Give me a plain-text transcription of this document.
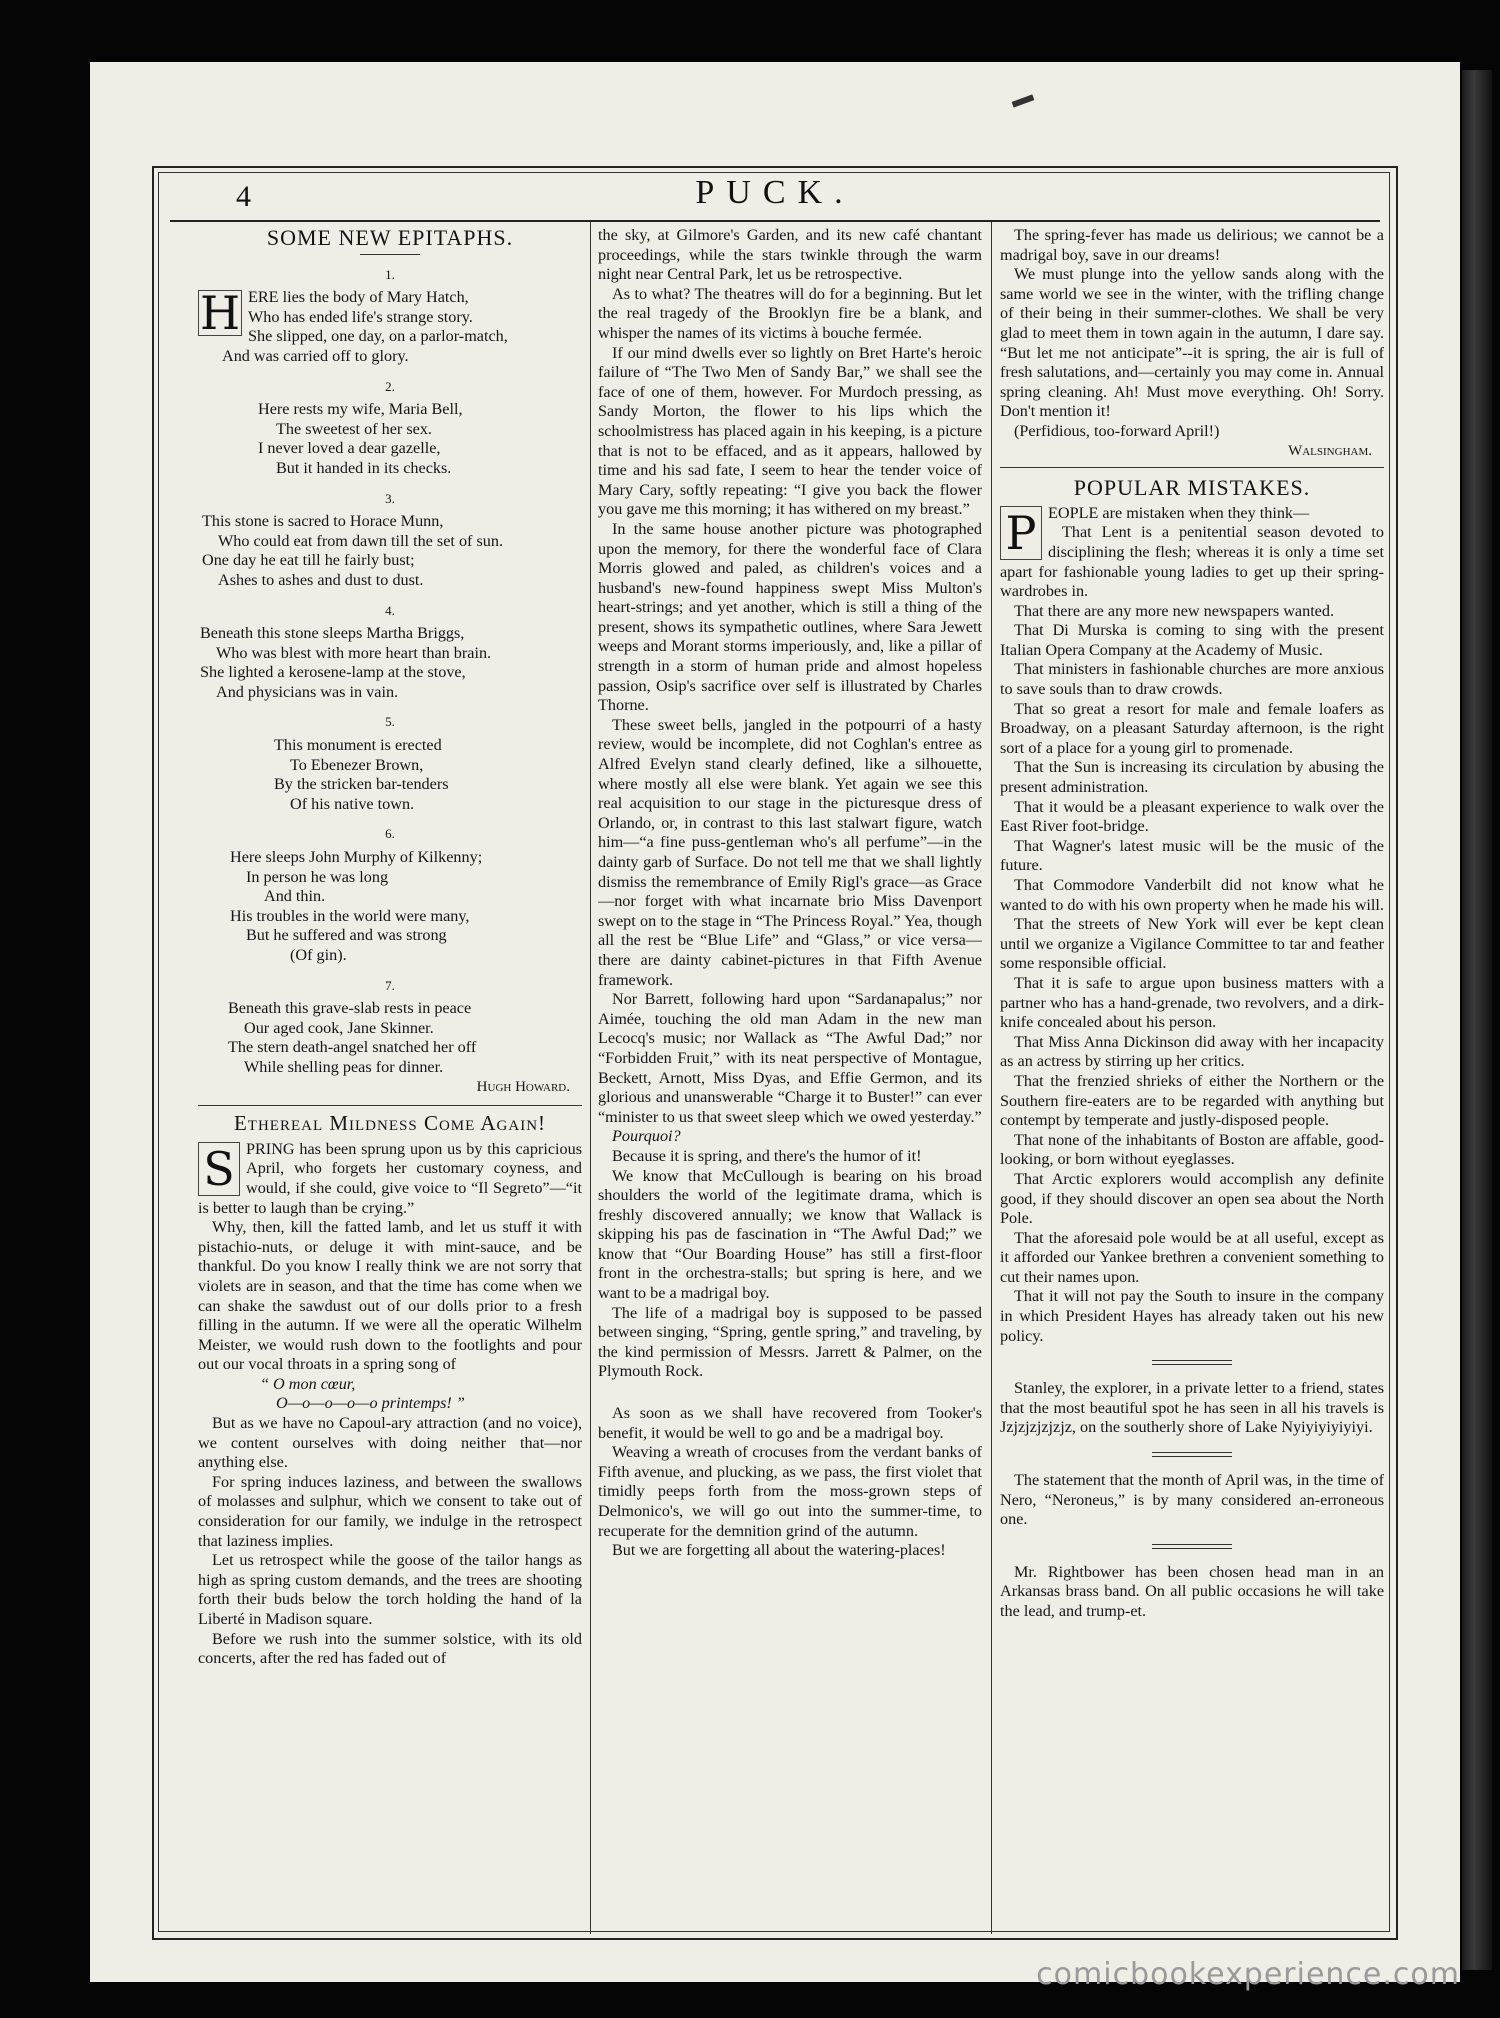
4	PUCK.
SOME NEW EPITAPHS.
1.
H ERE lies the body of Mary Hatch,
Who has ended life's strange story.
She slipped, one day, on a parlor-match,
And was carried off to glory.
2.
Here rests my wife, Maria Bell,
The sweetest of her sex.
I never loved a dear gazelle,
But it handed in its checks.
3.
This stone is sacred to Horace Munn,
Who could eat from dawn till the set of sun.
One day he eat till he fairly bust;
Ashes to ashes and dust to dust.
4.
Beneath this stone sleeps Martha Briggs,
Who was blest with more heart than brain.
She lighted a kerosene-lamp at the stove,
And physicians was in vain.
5.
This monument is erected
To Ebenezer Brown,
By the stricken bar-tenders
Of his native town.
6.
Here sleeps John Murphy of Kilkenny;
In person he was long
And thin.
His troubles in the world were many,
But he suffered and was strong
(Of gin).
7.
Beneath this grave-slab rests in peace
Our aged cook, Jane Skinner.
The stern death-angel snatched her off
While shelling peas for dinner.
Hugh Howard.
Ethereal Mildness Come Again!

S PRING has been sprung upon us by this capricious April, who forgets her customary coyness, and would, if she could, give voice to “Il Segreto”—“it is better to laugh than be crying.”

Why, then, kill the fatted lamb, and let us stuff it with pistachio-nuts, or deluge it with mint-sauce, and be thankful. Do you know I really think we are not sorry that violets are in season, and that the time has come when we can shake the sawdust out of our dolls prior to a fresh filling in the autumn. If we were all the operatic Wilhelm Meister, we would rush down to the footlights and pour out our vocal throats in a spring song of

“ O mon cœur,
O—o—o—o—o printemps! ”

But as we have no Capoul-ary attraction (and no voice), we content ourselves with doing neither that—nor anything else.

For spring induces laziness, and between the swallows of molasses and sulphur, which we consent to take out of consideration for our family, we indulge in the retrospect that laziness implies.

Let us retrospect while the goose of the tailor hangs as high as spring custom demands, and the trees are shooting forth their buds below the torch holding the hand of la Liberté in Madison square.

Before we rush into the summer solstice, with its old concerts, after the red has faded out of

the sky, at Gilmore's Garden, and its new café chantant proceedings, while the stars twinkle through the warm night near Central Park, let us be retrospective.

As to what? The theatres will do for a beginning. But let the real tragedy of the Brooklyn fire be a blank, and whisper the names of its victims à bouche fermée.

If our mind dwells ever so lightly on Bret Harte's heroic failure of “The Two Men of Sandy Bar,” we shall see the face of one of them, however. For Murdoch pressing, as Sandy Morton, the flower to his lips which the schoolmistress has placed again in his keeping, is a picture that is not to be effaced, and as it appears, hallowed by time and his sad fate, I seem to hear the tender voice of Mary Cary, softly repeating: “I give you back the flower you gave me this morning; it has withered on my breast.”

In the same house another picture was photographed upon the memory, for there the wonderful face of Clara Morris glowed and paled, as children's voices and a husband's new-found happiness swept Miss Multon's heart-strings; and yet another, which is still a thing of the present, shows its sympathetic outlines, where Sara Jewett weeps and Morant storms imperiously, and, like a pillar of strength in a storm of human pride and almost hopeless passion, Osip's sacrifice over self is illustrated by Charles Thorne.

These sweet bells, jangled in the potpourri of a hasty review, would be incomplete, did not Coghlan's entree as Alfred Evelyn stand clearly defined, like a silhouette, where mostly all else were blank. Yet again we see this real acquisition to our stage in the picturesque dress of Orlando, or, in contrast to this last stalwart figure, watch him—“a fine puss-gentleman who's all perfume”—in the dainty garb of Surface. Do not tell me that we shall lightly dismiss the remembrance of Emily Rigl's grace—as Grace—nor forget with what incarnate brio Miss Davenport swept on to the stage in “The Princess Royal.” Yea, though all the rest be “Blue Life” and “Glass,” or vice versa—there are dainty cabinet-pictures in that Fifth Avenue framework.

Nor Barrett, following hard upon “Sardanapalus;” nor Aimée, touching the old man Adam in the new man Lecocq's music; nor Wallack as “The Awful Dad;” nor “Forbidden Fruit,” with its neat perspective of Montague, Beckett, Arnott, Miss Dyas, and Effie Germon, and its glorious and unanswerable “Charge it to Buster!” can ever “minister to us that sweet sleep which we owed yesterday.”

Pourquoi?

Because it is spring, and there's the humor of it!

We know that McCullough is bearing on his broad shoulders the world of the legitimate drama, which is freshly discovered annually; we know that Wallack is skipping his pas de fascination in “The Awful Dad;” we know that “Our Boarding House” has still a first-floor front in the orchestra-stalls; but spring is here, and we want to be a madrigal boy.

The life of a madrigal boy is supposed to be passed between singing, “Spring, gentle spring,” and traveling, by the kind permission of Messrs. Jarrett & Palmer, on the Plymouth Rock.

As soon as we shall have recovered from Tooker's benefit, it would be well to go and be a madrigal boy.

Weaving a wreath of crocuses from the verdant banks of Fifth avenue, and plucking, as we pass, the first violet that timidly peeps forth from the moss-grown steps of Delmonico's, we will go out into the summer-time, to recuperate for the demnition grind of the autumn.

But we are forgetting all about the watering-places!

The spring-fever has made us delirious; we cannot be a madrigal boy, save in our dreams!

We must plunge into the yellow sands along with the same world we see in the winter, with the trifling change of their being in their summer-clothes. We shall be very glad to meet them in town again in the autumn, I dare say. “But let me not anticipate”--it is spring, the air is full of fresh salutations, and—certainly you may come in. Annual spring cleaning. Ah! Must move everything. Oh! Sorry. Don't mention it!

(Perfidious, too-forward April!)

Walsingham.
POPULAR MISTAKES.

P EOPLE are mistaken when they think—

That Lent is a penitential season devoted to disciplining the flesh; whereas it is only a time set apart for fashionable young ladies to get up their spring-wardrobes in.

That there are any more new newspapers wanted.

That Di Murska is coming to sing with the present Italian Opera Company at the Academy of Music.

That ministers in fashionable churches are more anxious to save souls than to draw crowds.

That so great a resort for male and female loafers as Broadway, on a pleasant Saturday afternoon, is the right sort of a place for a young girl to promenade.

That the Sun is increasing its circulation by abusing the present administration.

That it would be a pleasant experience to walk over the East River foot-bridge.

That Wagner's latest music will be the music of the future.

That Commodore Vanderbilt did not know what he wanted to do with his own property when he made his will.

That the streets of New York will ever be kept clean until we organize a Vigilance Committee to tar and feather some responsible official.

That it is safe to argue upon business matters with a partner who has a hand-grenade, two revolvers, and a dirk-knife concealed about his person.

That Miss Anna Dickinson did away with her incapacity as an actress by stirring up her critics.

That the frenzied shrieks of either the Northern or the Southern fire-eaters are to be regarded with anything but contempt by temperate and justly-disposed people.

That none of the inhabitants of Boston are affable, good-looking, or born without eyeglasses.

That Arctic explorers would accomplish any definite good, if they should discover an open sea about the North Pole.

That the aforesaid pole would be at all useful, except as it afforded our Yankee brethren a convenient something to cut their names upon.

That it will not pay the South to insure in the company in which President Hayes has already taken out his new policy.

Stanley, the explorer, in a private letter to a friend, states that the most beautiful spot he has seen in all his travels is Jzjzjzjzjzjz, on the southerly shore of Lake Nyiyiyiyiyiyi.

The statement that the month of April was, in the time of Nero, “Neroneus,” is by many considered an-erroneous one.

Mr. Rightbower has been chosen head man in an Arkansas brass band. On all public occasions he will take the lead, and trump-et.

comicbookexperience.com
